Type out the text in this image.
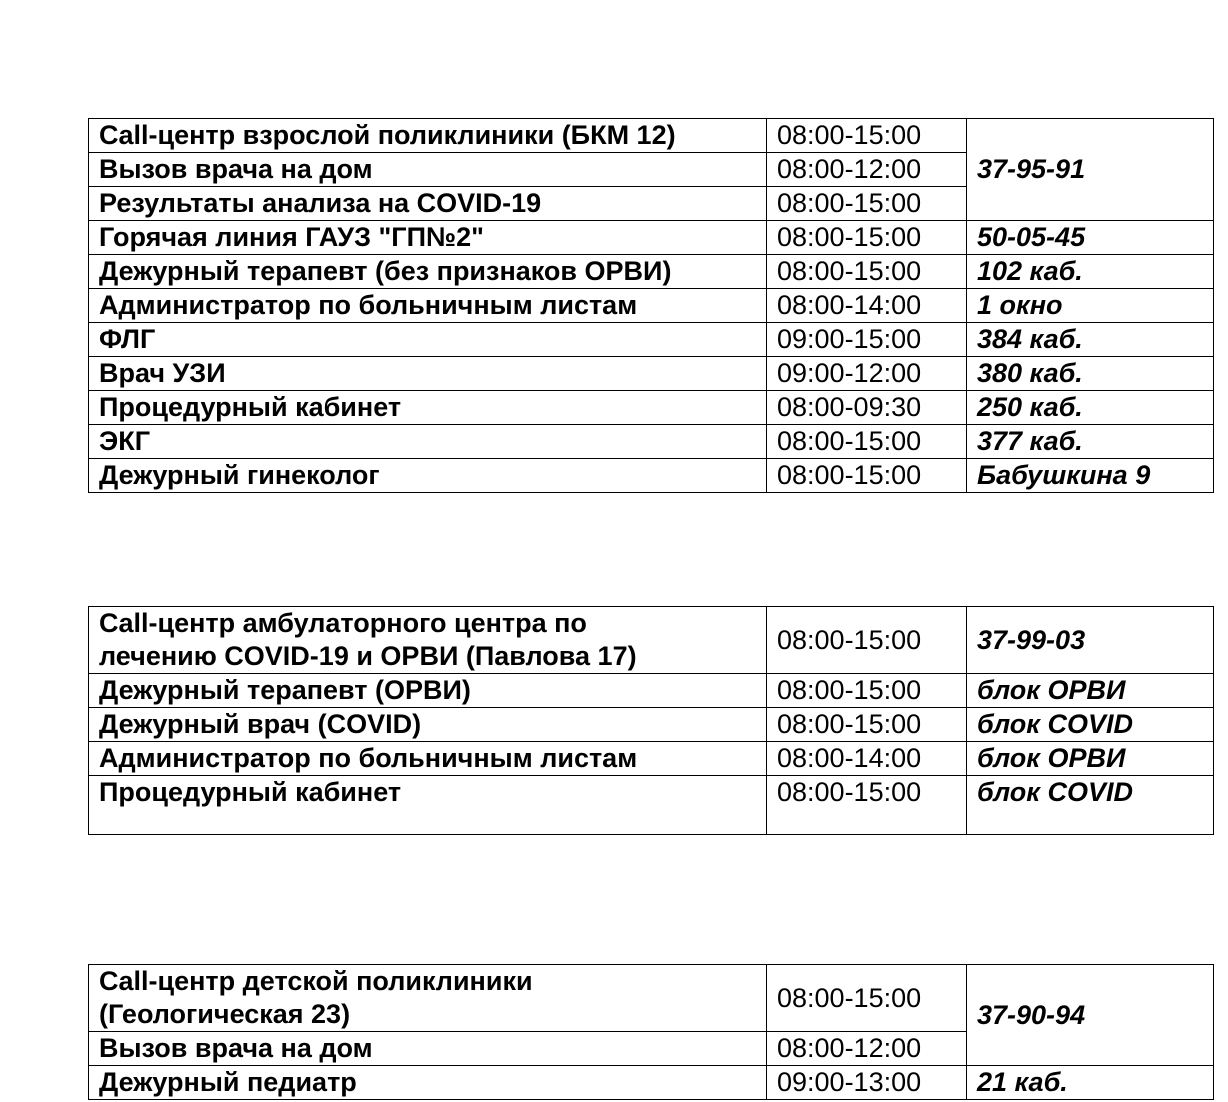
Call-центр взрослой поликлиники (БКМ 12)	08:00-15:00	37-95-91
Вызов врача на дом	08:00-12:00	
Результаты анализа на COVID-19	08:00-15:00	
Горячая линия ГАУЗ "ГП№2"	08:00-15:00	50-05-45
Дежурный терапевт (без признаков ОРВИ)	08:00-15:00	102 каб.
Администратор по больничным листам	08:00-14:00	1 окно
ФЛГ	09:00-15:00	384 каб.
Врач УЗИ	09:00-12:00	380 каб.
Процедурный кабинет	08:00-09:30	250 каб.
ЭКГ	08:00-15:00	377 каб.
Дежурный гинеколог	08:00-15:00	Бабушкина 9
Call-центр амбулаторного центра по
лечению COVID-19 и ОРВИ (Павлова 17)	08:00-15:00	37-99-03
Дежурный терапевт (ОРВИ)	08:00-15:00	блок ОРВИ
Дежурный врач (COVID)	08:00-15:00	блок COVID
Администратор по больничным листам	08:00-14:00	блок ОРВИ
Процедурный кабинет	08:00-15:00	блок COVID
Call-центр детской поликлиники
(Геологическая 23)	08:00-15:00	37-90-94
Вызов врача на дом	08:00-12:00	
Дежурный педиатр	09:00-13:00	21 каб.
